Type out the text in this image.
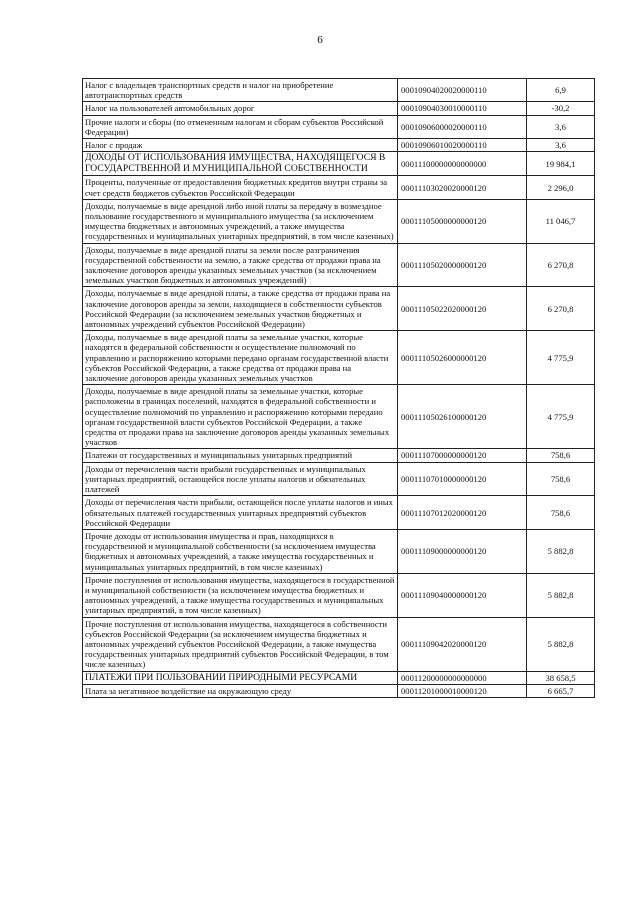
6
Налог с владельцев транспортных средств и налог на приобретение автотранспортных средств	00010904020020000110	6,9
Налог на пользователей автомобильных дорог	00010904030010000110	-30,2
Прочие налоги и сборы (по отмененным налогам и сборам субъектов Российской Федерации)	00010906000020000110	3,6
Налог с продаж	00010906010020000110	3,6
ДОХОДЫ ОТ ИСПОЛЬЗОВАНИЯ ИМУЩЕСТВА, НАХОДЯЩЕГОСЯ В ГОСУДАРСТВЕННОЙ И МУНИЦИПАЛЬНОЙ СОБСТВЕННОСТИ	00011100000000000000	19 984,1
Проценты, полученные от предоставления бюджетных кредитов внутри страны за счет средств бюджетов субъектов Российской Федерации	00011103020020000120	2 296,0
Доходы, получаемые в виде арендной либо иной платы за передачу в возмездное пользование государственного и муниципального имущества (за исключением имущества бюджетных и автономных учреждений, а также имущества государственных и муниципальных унитарных предприятий, в том числе казенных)	00011105000000000120	11 046,7
Доходы, получаемые в виде арендной платы за земли после разграничения государственной собственности на землю, а также средства от продажи права на заключение договоров аренды указанных земельных участков (за исключением земельных участков бюджетных и автономных учреждений)	00011105020000000120	6 270,8
Доходы, получаемые в виде арендной платы, а также средства от продажи права на заключение договоров аренды за земли, находящиеся в собственности субъектов Российской Федерации (за исключением земельных участков бюджетных и автономных учреждений субъектов Российской Федерации)	00011105022020000120	6 270,8
Доходы, получаемые в виде арендной платы за земельные участки, которые находятся в федеральной собственности и осуществление полномочий по управлению и распоряжению которыми передано органам государственной власти субъектов Российской Федерации, а также средства от продажи права на заключение договоров аренды указанных земельных участков	00011105026000000120	4 775,9
Доходы, получаемые в виде арендной платы за земельные участки, которые расположены в границах поселений, находятся в федеральной собственности и осуществление полномочий по управлению и распоряжению которыми передано органам государственной власти субъектов Российской Федерации, а также средства от продажи права на заключение договоров аренды указанных земельных участков	00011105026100000120	4 775,9
Платежи от государственных и муниципальных унитарных предприятий	00011107000000000120	758,6
Доходы от перечисления части прибыли государственных и муниципальных унитарных предприятий, остающейся после уплаты налогов и обязательных платежей	00011107010000000120	758,6
Доходы от перечисления части прибыли, остающейся после уплаты налогов и иных обязательных платежей государственных унитарных предприятий субъектов Российской Федерации	00011107012020000120	758,6
Прочие доходы от использования имущества и прав, находящихся в государственной и муниципальной собственности (за исключением имущества бюджетных и автономных учреждений, а также имущества государственных и муниципальных унитарных предприятий, в том числе казенных)	00011109000000000120	5 882,8
Прочие поступления от использования имущества, находящегося в государственной и муниципальной собственности (за исключением имущества бюджетных и автономных учреждений, а также имущества государственных и муниципальных унитарных предприятий, в том числе казенных)	00011109040000000120	5 882,8
Прочие поступления от использования имущества, находящегося в собственности субъектов Российской Федерации (за исключением имущества бюджетных и автономных учреждений субъектов Российской Федерации, а также имущества государственных унитарных предприятий субъектов Российской Федерации, в том числе казенных)	00011109042020000120	5 882,8
ПЛАТЕЖИ ПРИ ПОЛЬЗОВАНИИ ПРИРОДНЫМИ РЕСУРСАМИ	00011200000000000000	38 658,5
Плата за негативное воздействие на окружающую среду	00011201000010000120	6 665,7
